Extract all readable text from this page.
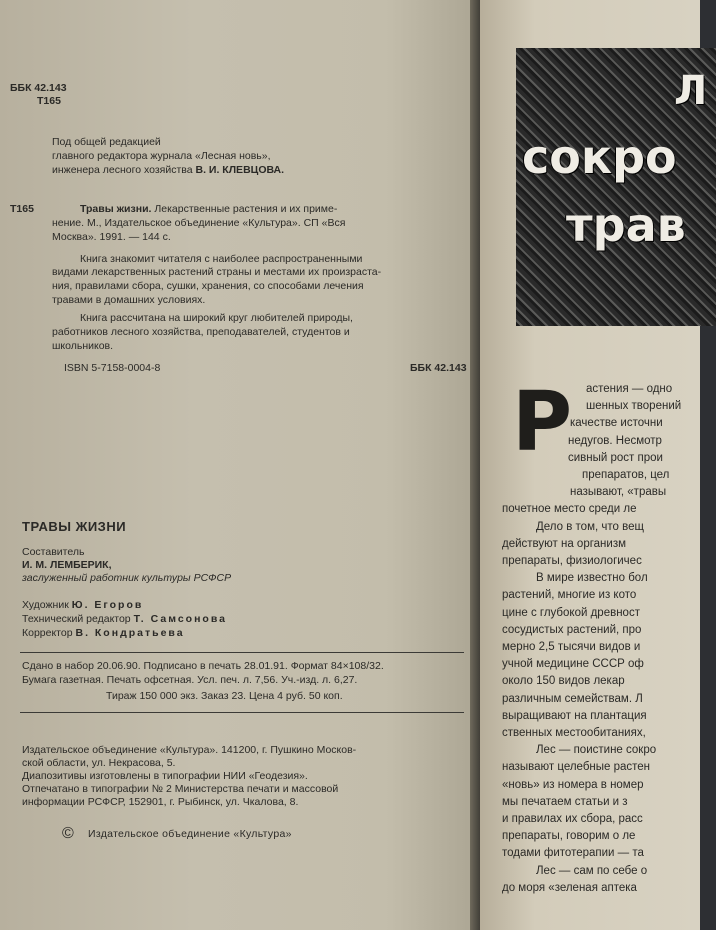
ББК 42.143
Т165
Под общей редакцией
главного редактора журнала «Лесная новь»,
инженера лесного хозяйства В. И. КЛЕВЦОВА.
Т165	Травы жизни. Лекарственные растения и их приме-
нение. М., Издательское объединение «Культура». СП «Вся
Москва». 1991. — 144 с.
Книга знакомит читателя с наиболее распространенными
видами лекарственных растений страны и местами их произраста-
ния, правилами сбора, сушки, хранения, со способами лечения
травами в домашних условиях.
Книга рассчитана на широкий круг любителей природы,
работников лесного хозяйства, преподавателей, студентов и
школьников.
ISBN 5-7158-0004-8	ББК 42.143
ТРАВЫ ЖИЗНИ
Составитель
И. М. ЛЕМБЕРИК,
заслуженный работник культуры РСФСР
Художник Ю. Егоров
Технический редактор Т. Самсонова
Корректор В. Кондратьева
Сдано в набор 20.06.90. Подписано в печать 28.01.91. Формат 84×108/32.
Бумага газетная. Печать офсетная. Усл. печ. л. 7,56. Уч.-изд. л. 6,27.
Тираж 150 000 экз. Заказ 23. Цена 4 руб. 50 коп.
Издательское объединение «Культура». 141200, г. Пушкино Москов-
ской области, ул. Некрасова, 5.
Диапозитивы изготовлены в типографии НИИ «Геодезия».
Отпечатано в типографии № 2 Министерства печати и массовой
информации РСФСР, 152901, г. Рыбинск, ул. Чкалова, 8.
© Издательское объединение «Культура»
Л
сокро
трав
Р астения — одно
шенных творений
качестве источни
недугов. Несмотр
сивный рост прои
препаратов, цел
называют, «травы
почетное место среди ле
Дело в том, что вещ
действуют на организм
препараты, физиологичес
В мире известно бол
растений, многие из кото
цине с глубокой древност
сосудистых растений, про
мерно 2,5 тысячи видов и
учной медицине СССР оф
около 150 видов лекар
различным семействам. Л
выращивают на плантация
ственных местообитаниях,
Лес — поистине сокро
называют целебные растен
«новь» из номера в номер
мы печатаем статьи и з
и правилах их сбора, расс
препараты, говорим о ле
тодами фитотерапии — та
Лес — сам по себе о
до моря «зеленая аптека
